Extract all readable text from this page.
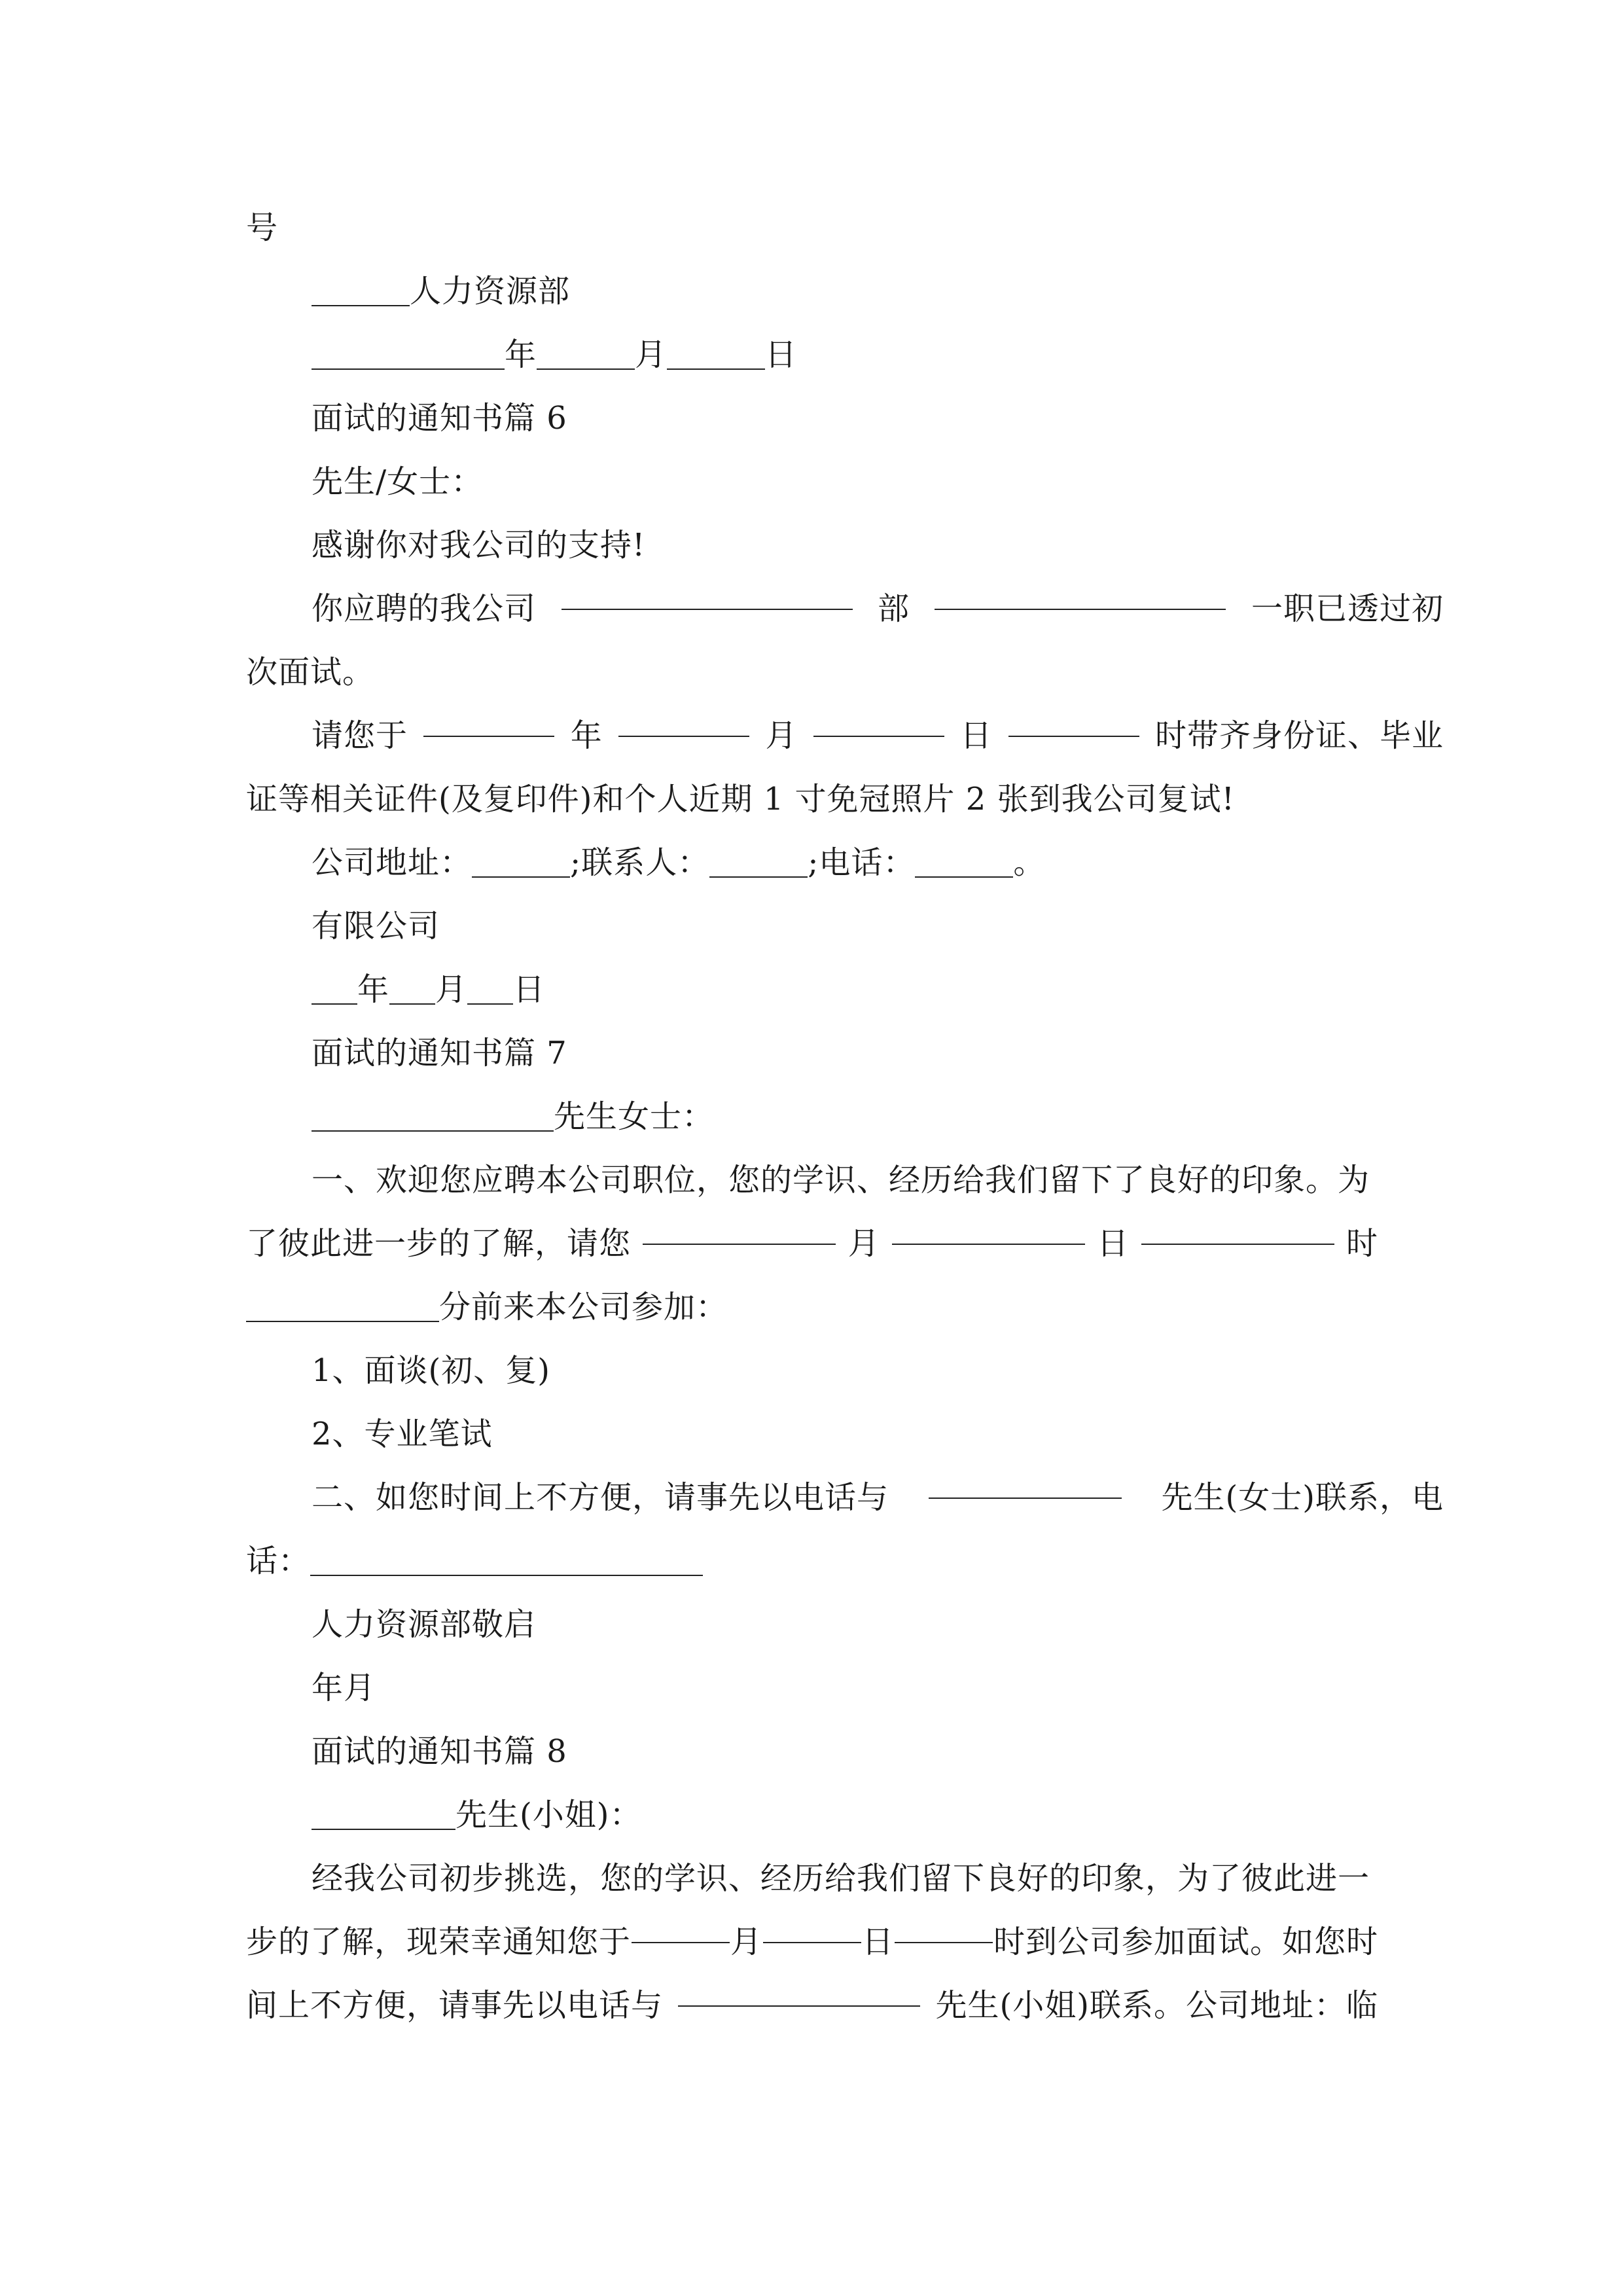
号

人力资源部

年	月	日

面试的通知书篇 6

先生/女士：

感谢你对我公司的支持!

你应聘的我公司	部	一职已透过初

次面试。

请您于	年	月	日	时带齐身份证、毕业

证等相关证件(及复印件)和个人近期 1 寸免冠照片 2 张到我公司复试!

公司地址：	;联系人：	;电话：	。

有限公司

年 月 日

面试的通知书篇 7

先生女士：

一、欢迎您应聘本公司职位，您的学识、经历给我们留下了良好的印象。为

了彼此进一步的了解，请您	月	日	时

分前来本公司参加：

1、面谈(初、复)

2、专业笔试

二、如您时间上不方便，请事先以电话与	先生(女士)联系，电

话：

人力资源部敬启

年月

面试的通知书篇 8

先生(小姐)：

经我公司初步挑选，您的学识、经历给我们留下良好的印象，为了彼此进一

步的了解，现荣幸通知您于	月	日	时到公司参加面试。如您时

间上不方便，请事先以电话与	先生(小姐)联系。公司地址：临
